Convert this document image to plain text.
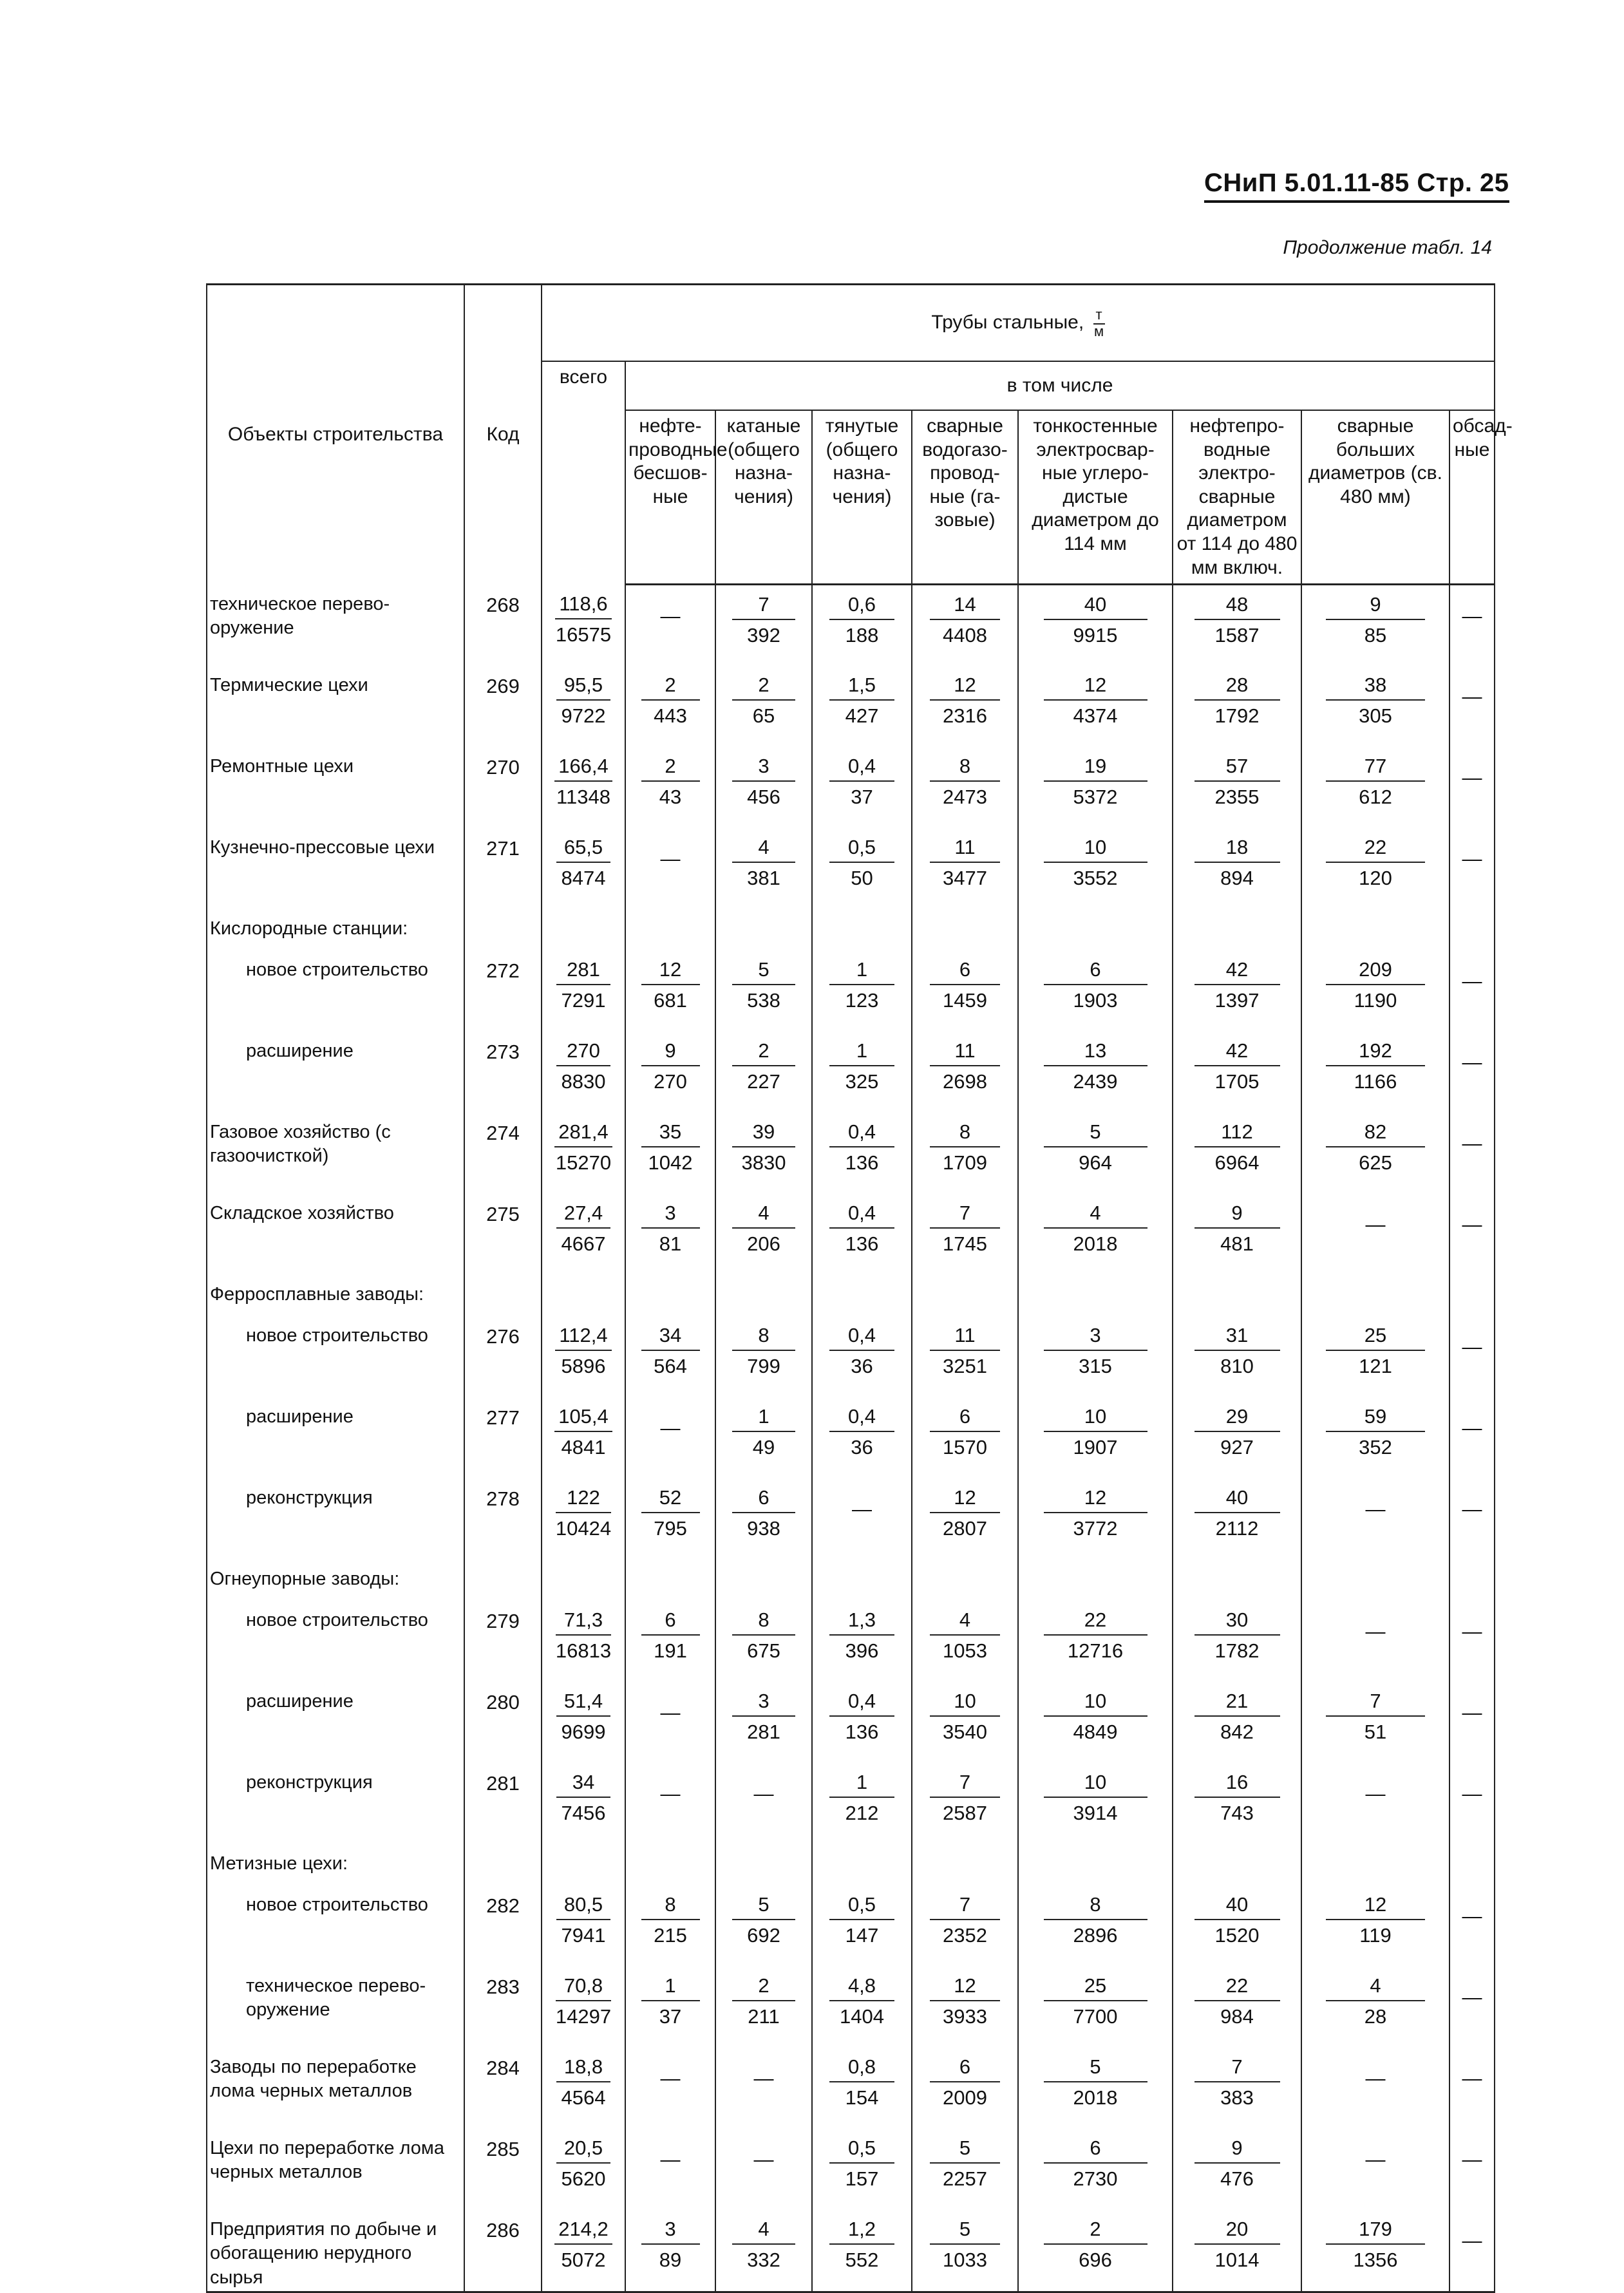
СНиП 5.01.11-85 Стр. 25
Продолжение табл. 14
Объекты строительства	Код	Трубы стальные, т
м								

		всего	в том числе							
			нефте-проводные бесшов-ные	катаные (общего назна-чения)	тянутые (общего назна-чения)	сварные водогазо-провод-ные (га-зовые)	тонкостенные электросвар-ные углеро-дистые диаметром до 114 мм	нефтепро-водные электро-сварные диаметром от 114 до 480 мм включ.	сварные больших диаметров (св. 480 мм)	обсад-ные
техническое перево-оружение	268	$\frac{118,6}{16575}$	—	$\frac{7}{392}$	$\frac{0,6}{188}$	$\frac{14}{4408}$	$\frac{40}{9915}$	$\frac{48}{1587}$	$\frac{9}{85}$	—
Термические цехи	269	$\frac{95,5}{9722}$	$\frac{2}{443}$	$\frac{2}{65}$	$\frac{1,5}{427}$	$\frac{12}{2316}$	$\frac{12}{4374}$	$\frac{28}{1792}$	$\frac{38}{305}$	—
Ремонтные цехи	270	$\frac{166,4}{11348}$	$\frac{2}{43}$	$\frac{3}{456}$	$\frac{0,4}{37}$	$\frac{8}{2473}$	$\frac{19}{5372}$	$\frac{57}{2355}$	$\frac{77}{612}$	—
Кузнечно-прессовые цехи	271	$\frac{65,5}{8474}$	—	$\frac{4}{381}$	$\frac{0,5}{50}$	$\frac{11}{3477}$	$\frac{10}{3552}$	$\frac{18}{894}$	$\frac{22}{120}$	—
Кислородные станции:										
новое строительство	272	$\frac{281}{7291}$	$\frac{12}{681}$	$\frac{5}{538}$	$\frac{1}{123}$	$\frac{6}{1459}$	$\frac{6}{1903}$	$\frac{42}{1397}$	$\frac{209}{1190}$	—
расширение	273	$\frac{270}{8830}$	$\frac{9}{270}$	$\frac{2}{227}$	$\frac{1}{325}$	$\frac{11}{2698}$	$\frac{13}{2439}$	$\frac{42}{1705}$	$\frac{192}{1166}$	—
Газовое хозяйство (с газоочисткой)	274	$\frac{281,4}{15270}$	$\frac{35}{1042}$	$\frac{39}{3830}$	$\frac{0,4}{136}$	$\frac{8}{1709}$	$\frac{5}{964}$	$\frac{112}{6964}$	$\frac{82}{625}$	—
Складское хозяйство	275	$\frac{27,4}{4667}$	$\frac{3}{81}$	$\frac{4}{206}$	$\frac{0,4}{136}$	$\frac{7}{1745}$	$\frac{4}{2018}$	$\frac{9}{481}$	—	—
Ферросплавные заводы:										
новое строительство	276	$\frac{112,4}{5896}$	$\frac{34}{564}$	$\frac{8}{799}$	$\frac{0,4}{36}$	$\frac{11}{3251}$	$\frac{3}{315}$	$\frac{31}{810}$	$\frac{25}{121}$	—
расширение	277	$\frac{105,4}{4841}$	—	$\frac{1}{49}$	$\frac{0,4}{36}$	$\frac{6}{1570}$	$\frac{10}{1907}$	$\frac{29}{927}$	$\frac{59}{352}$	—
реконструкция	278	$\frac{122}{10424}$	$\frac{52}{795}$	$\frac{6}{938}$	—	$\frac{12}{2807}$	$\frac{12}{3772}$	$\frac{40}{2112}$	—	—
Огнеупорные заводы:										
новое строительство	279	$\frac{71,3}{16813}$	$\frac{6}{191}$	$\frac{8}{675}$	$\frac{1,3}{396}$	$\frac{4}{1053}$	$\frac{22}{12716}$	$\frac{30}{1782}$	—	—
расширение	280	$\frac{51,4}{9699}$	—	$\frac{3}{281}$	$\frac{0,4}{136}$	$\frac{10}{3540}$	$\frac{10}{4849}$	$\frac{21}{842}$	$\frac{7}{51}$	—
реконструкция	281	$\frac{34}{7456}$	—	—	$\frac{1}{212}$	$\frac{7}{2587}$	$\frac{10}{3914}$	$\frac{16}{743}$	—	—
Метизные цехи:										
новое строительство	282	$\frac{80,5}{7941}$	$\frac{8}{215}$	$\frac{5}{692}$	$\frac{0,5}{147}$	$\frac{7}{2352}$	$\frac{8}{2896}$	$\frac{40}{1520}$	$\frac{12}{119}$	—
техническое перево-оружение	283	$\frac{70,8}{14297}$	$\frac{1}{37}$	$\frac{2}{211}$	$\frac{4,8}{1404}$	$\frac{12}{3933}$	$\frac{25}{7700}$	$\frac{22}{984}$	$\frac{4}{28}$	—
Заводы по переработке лома черных металлов	284	$\frac{18,8}{4564}$	—	—	$\frac{0,8}{154}$	$\frac{6}{2009}$	$\frac{5}{2018}$	$\frac{7}{383}$	—	—
Цехи по переработке лома черных металлов	285	$\frac{20,5}{5620}$	—	—	$\frac{0,5}{157}$	$\frac{5}{2257}$	$\frac{6}{2730}$	$\frac{9}{476}$	—	—
Предприятия по добыче и обогащению нерудного сырья	286	$\frac{214,2}{5072}$	$\frac{3}{89}$	$\frac{4}{332}$	$\frac{1,2}{552}$	$\frac{5}{1033}$	$\frac{2}{696}$	$\frac{20}{1014}$	$\frac{179}{1356}$	—
